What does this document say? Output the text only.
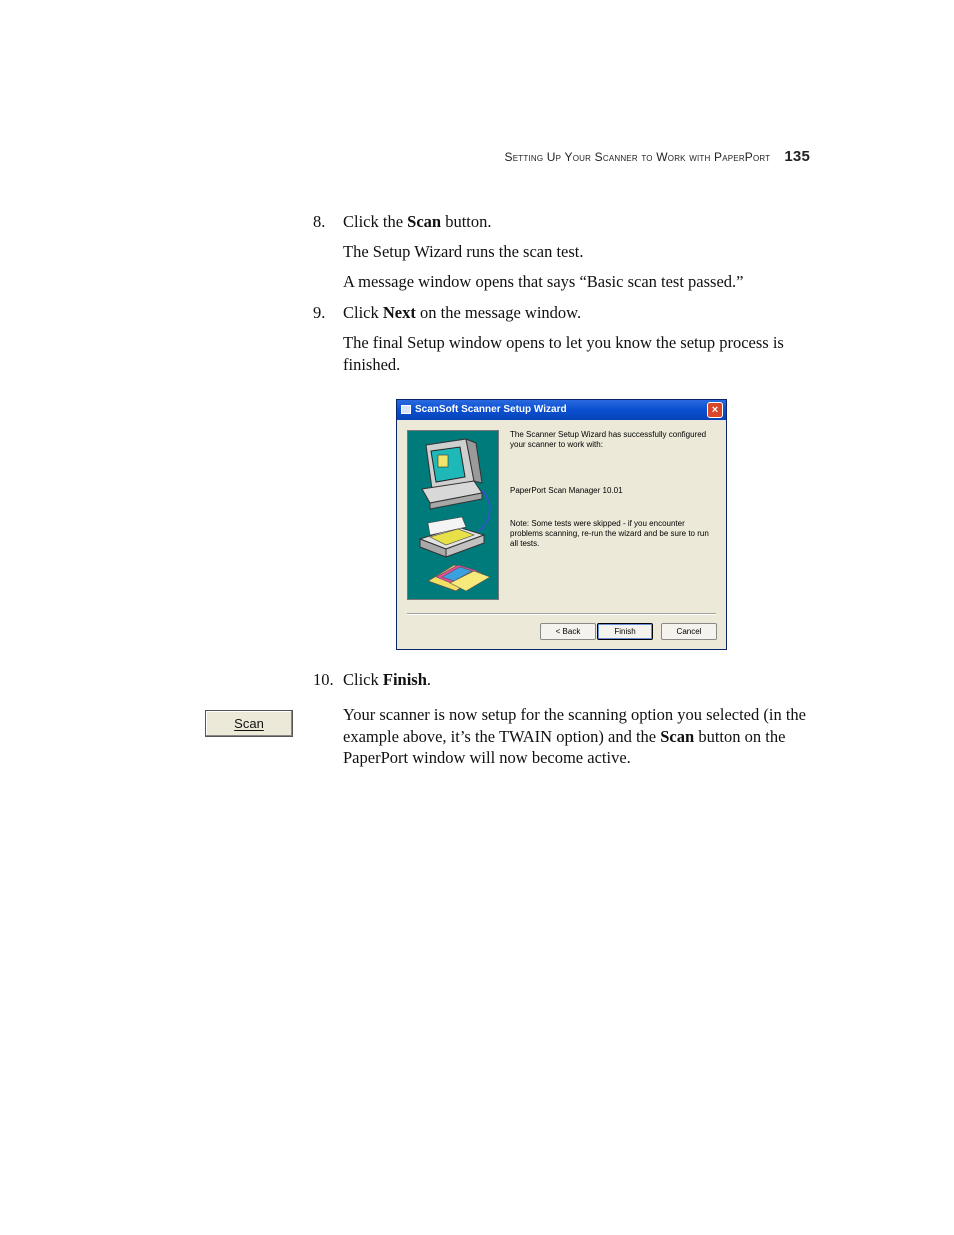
Setting Up Your Scanner to Work with PaperPort 135
8.	Click the Scan button.
The Setup Wizard runs the scan test.
A message window opens that says “Basic scan test passed.”
9.	Click Next on the message window.
The final Setup window opens to let you know the setup process is finished.
ScanSoft Scanner Setup Wizard	×
The Scanner Setup Wizard has successfully configured your scanner to work with:
PaperPort Scan Manager 10.01
Note: Some tests were skipped - if you encounter problems scanning, re-run the wizard and be sure to run all tests.
< Back	Finish	Cancel
10. Click Finish.
Scan	Your scanner is now setup for the scanning option you selected (in the example above, it’s the TWAIN option) and the Scan button on the PaperPort window will now become active.
